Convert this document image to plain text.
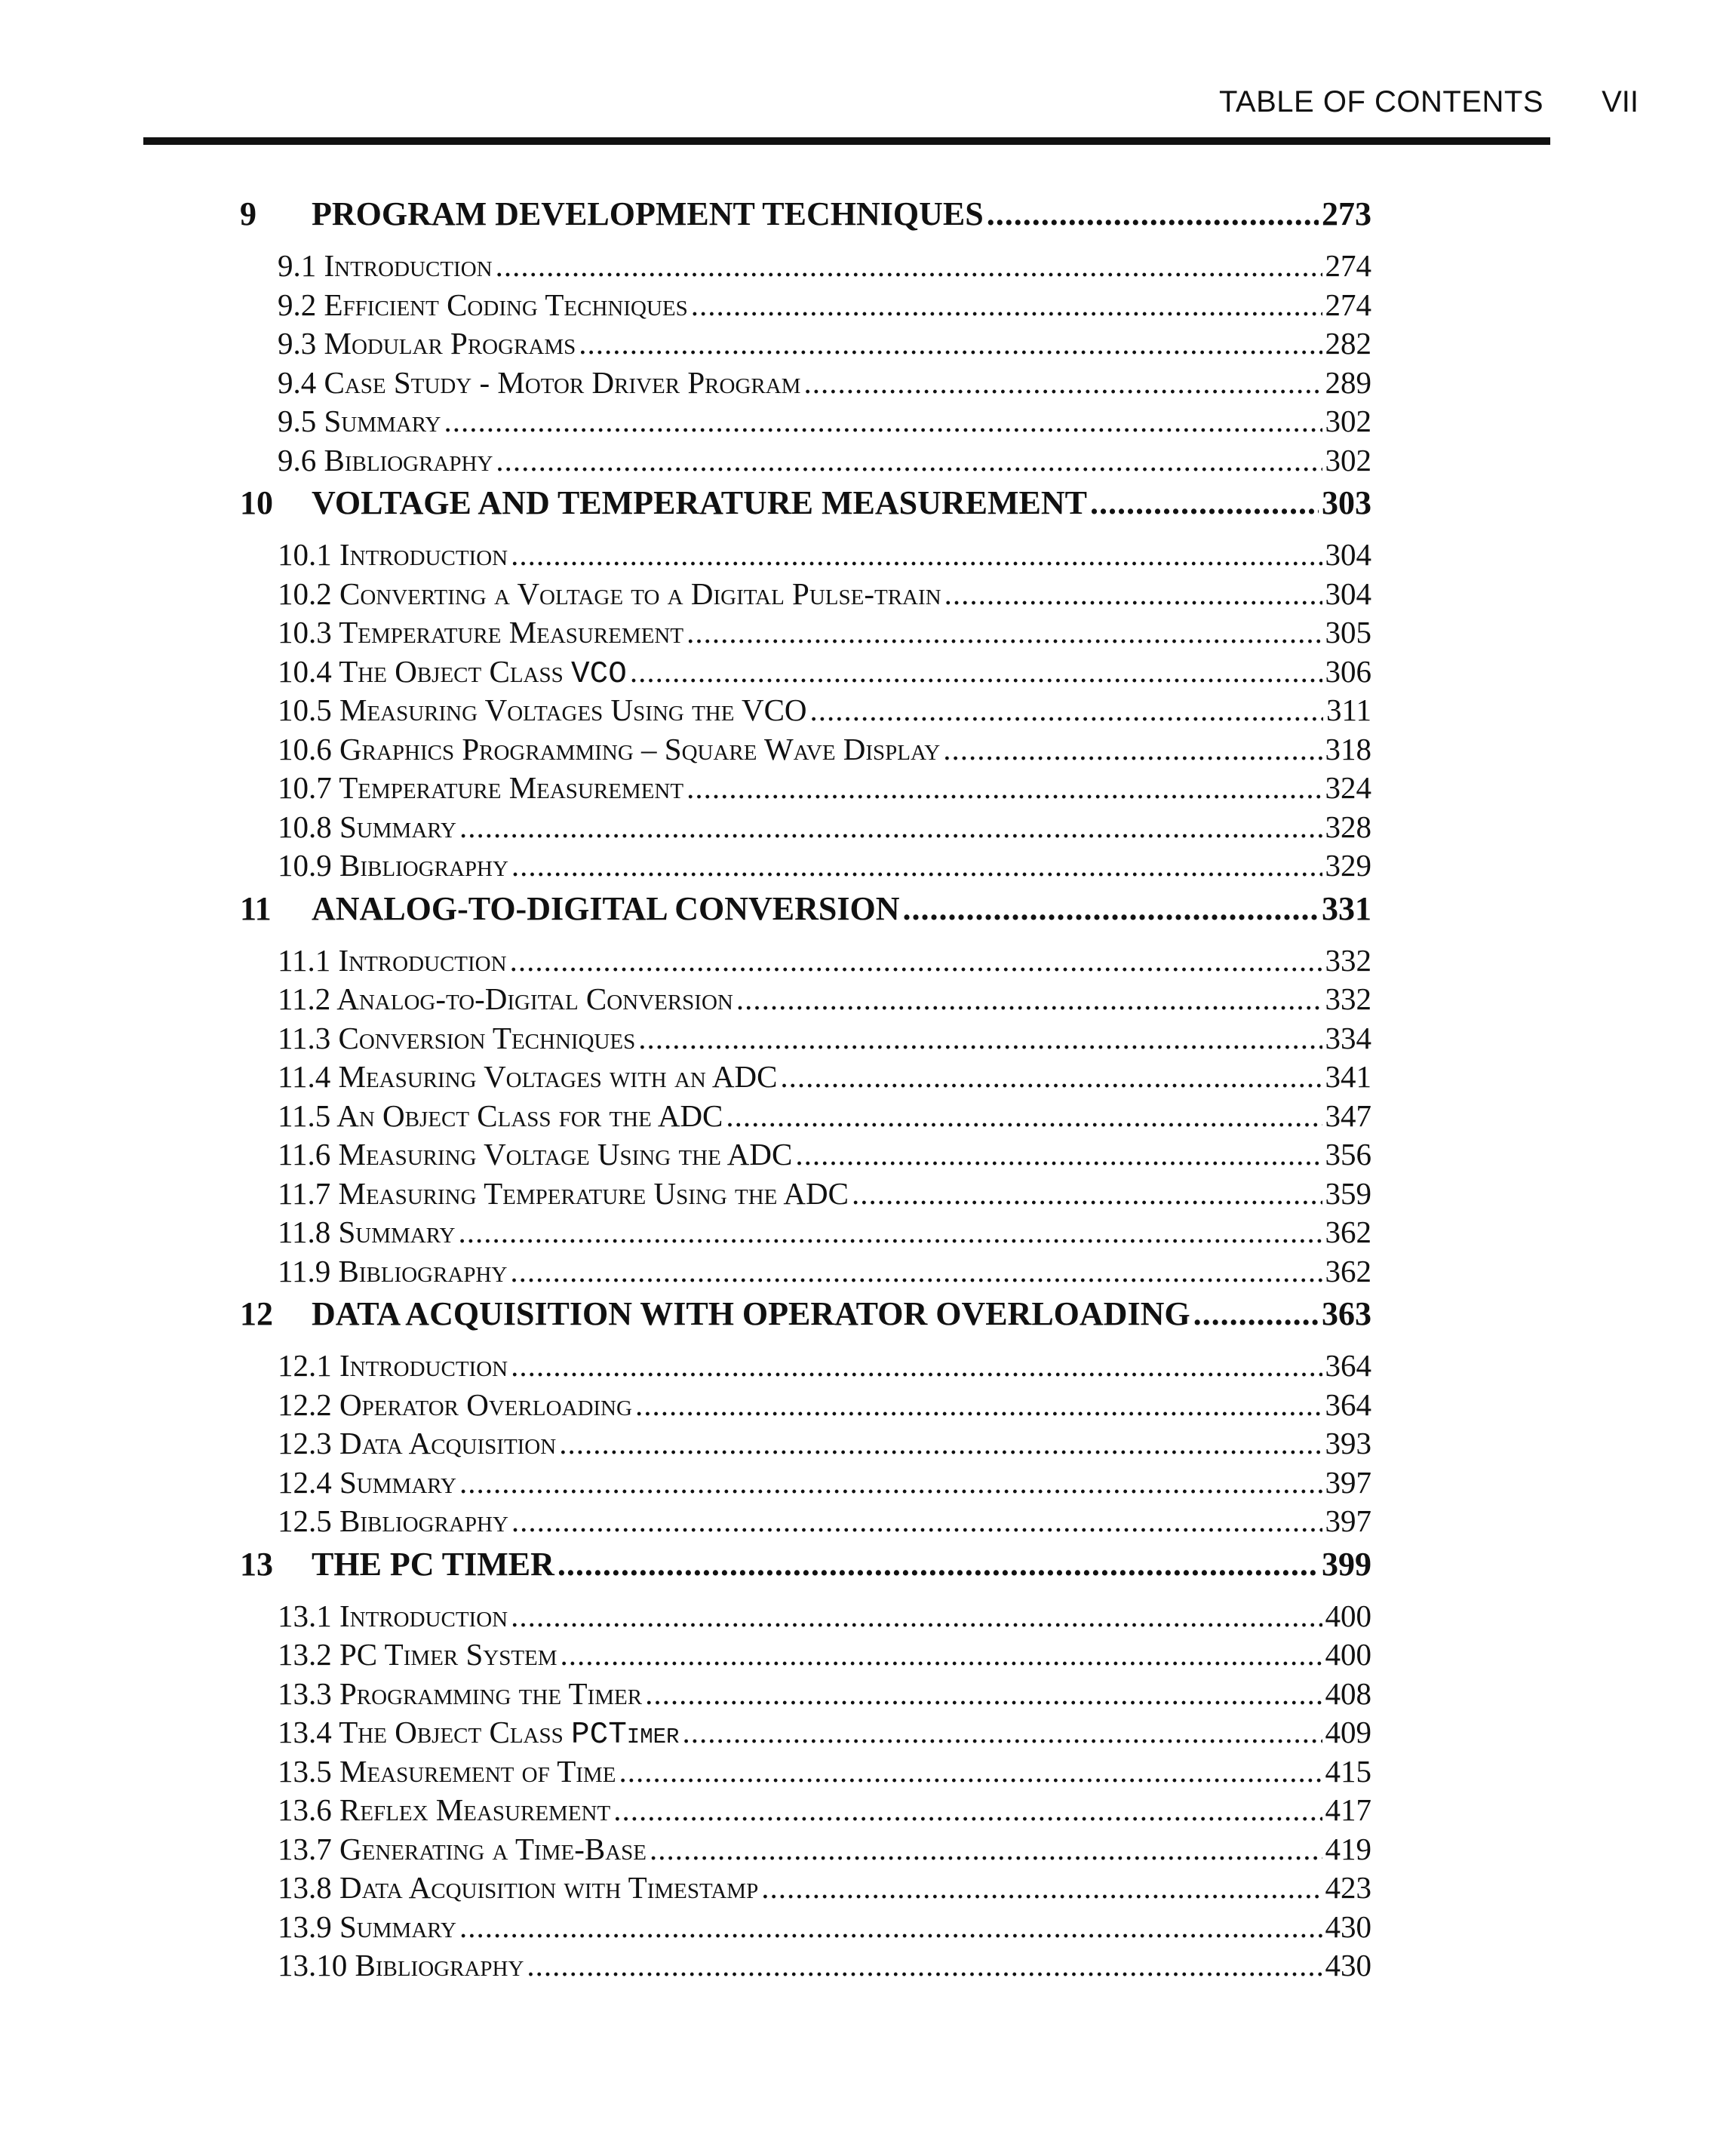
TABLE OF CONTENTS VII
9	PROGRAM DEVELOPMENT TECHNIQUES .....	273
9.1 Introduction .....	274
9.2 Efficient Coding Techniques .....	274
9.3 Modular Programs .....	282
9.4 Case Study - Motor Driver Program .....	289
9.5 Summary .....	302
9.6 Bibliography .....	302
10	VOLTAGE AND TEMPERATURE MEASUREMENT .....	303
10.1 Introduction .....	304
10.2 Converting a Voltage to a Digital Pulse-train .....	304
10.3 Temperature Measurement .....	305
10.4 The Object Class VCO .....	306
10.5 Measuring Voltages Using the VCO .....	311
10.6 Graphics Programming – Square Wave Display .....	318
10.7 Temperature Measurement .....	324
10.8 Summary .....	328
10.9 Bibliography .....	329
11	ANALOG-TO-DIGITAL CONVERSION .....	331
11.1 Introduction .....	332
11.2 Analog-to-Digital Conversion .....	332
11.3 Conversion Techniques .....	334
11.4 Measuring Voltages with an ADC .....	341
11.5 An Object Class for the ADC .....	347
11.6 Measuring Voltage Using the ADC .....	356
11.7 Measuring Temperature Using the ADC .....	359
11.8 Summary .....	362
11.9 Bibliography .....	362
12	DATA ACQUISITION WITH OPERATOR OVERLOADING .....	363
12.1 Introduction .....	364
12.2 Operator Overloading .....	364
12.3 Data Acquisition .....	393
12.4 Summary .....	397
12.5 Bibliography .....	397
13	THE PC TIMER .....	399
13.1 Introduction .....	400
13.2 PC Timer System .....	400
13.3 Programming the Timer .....	408
13.4 The Object Class PCTimer .....	409
13.5 Measurement of Time .....	415
13.6 Reflex Measurement .....	417
13.7 Generating a Time-Base .....	419
13.8 Data Acquisition with Timestamp .....	423
13.9 Summary .....	430
13.10 Bibliography .....	430
